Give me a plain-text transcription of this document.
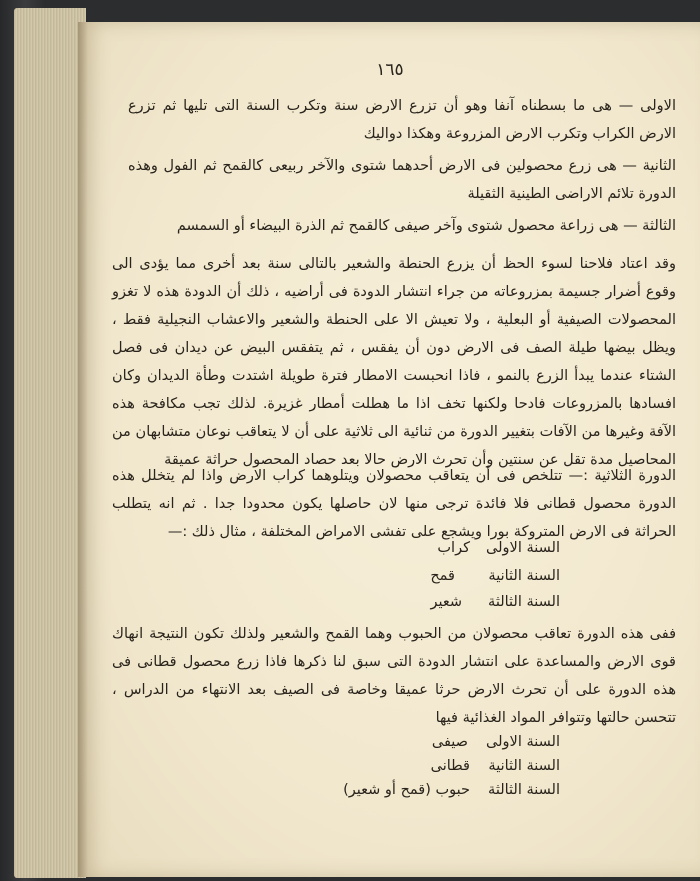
١٦٥
الاولى — هى ما بسطناه آنفا وهو أن تزرع الارض سنة وتكرب السنة التى تليها ثم تزرع الارض الكراب وتكرب الارض المزروعة وهكذا دواليك
الثانية — هى زرع محصولين فى الارض أحدهما شتوى والآخر ربيعى كالقمح ثم الفول وهذه الدورة تلائم الاراضى الطينية الثقيلة
الثالثة — هى زراعة محصول شتوى وآخر صيفى كالقمح ثم الذرة البيضاء أو السمسم
وقد اعتاد فلاحنا لسوء الحظ أن يزرع الحنطة والشعير بالتالى سنة بعد أخرى مما يؤدى الى وقوع أضرار جسيمة بمزروعاته من جراء انتشار الدودة فى أراضيه ، ذلك أن الدودة هذه لا تغزو المحصولات الصيفية أو البعلية ، ولا تعيش الا على الحنطة والشعير والاعشاب النجيلية فقط ، ويظل بيضها طيلة الصف فى الارض دون أن يفقس ، ثم يتفقس البيض عن ديدان فى فصل الشتاء عندما يبدأ الزرع بالنمو ، فاذا انحبست الامطار فترة طويلة اشتدت وطأة الديدان وكان افسادها بالمزروعات فادحا ولكنها تخف اذا ما هطلت أمطار غزيرة. لذلك تجب مكافحة هذه الآفة وغيرها من الآفات بتغيير الدورة من ثنائية الى ثلاثية على أن لا يتعاقب نوعان متشابهان من المحاصيل مدة تقل عن سنتين وأن تحرث الارض حالا بعد حصاد المحصول حراثة عميقة
الدورة الثلاثية :— تتلخص فى أن يتعاقب محصولان ويتلوهما كراب الارض واذا لم يتخلل هذه الدورة محصول قطانى فلا فائدة ترجى منها لان حاصلها يكون محدودا جدا . ثم انه يتطلب الحراثة فى الارض المتروكة بورا ويشجع على تفشى الامراض المختلفة ، مثال ذلك :—
السنة الاولى
كراب
السنة الثانية
قمح
السنة الثالثة
شعير
ففى هذه الدورة تعاقب محصولان من الحبوب وهما القمح والشعير ولذلك تكون النتيجة انهاك قوى الارض والمساعدة على انتشار الدودة التى سبق لنا ذكرها فاذا زرع محصول قطانى فى هذه الدورة على أن تحرث الارض حرثا عميقا وخاصة فى الصيف بعد الانتهاء من الدراس ، تتحسن حالتها وتتوافر المواد الغذائية فيها
السنة الاولى
صيفى
السنة الثانية
قطانى
السنة الثالثة
حبوب (قمح أو شعير)
